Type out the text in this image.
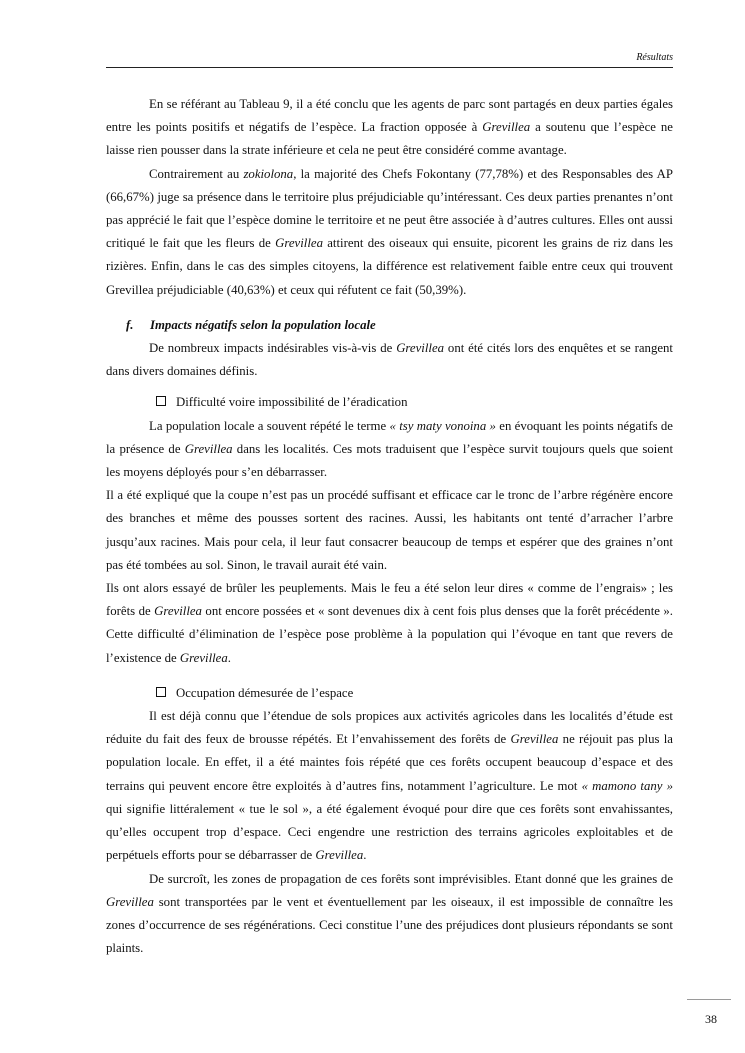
Résultats

En se référant au Tableau 9, il a été conclu que les agents de parc sont partagés en deux parties égales entre les points positifs et négatifs de l’espèce. La fraction opposée à Grevillea a soutenu que l’espèce ne laisse rien pousser dans la strate inférieure et cela ne peut être considéré comme avantage.

Contrairement au zokiolona, la majorité des Chefs Fokontany (77,78%) et des Responsables des AP (66,67%) juge sa présence dans le territoire plus préjudiciable qu’intéressant. Ces deux parties prenantes n’ont pas apprécié le fait que l’espèce domine le territoire et ne peut être associée à d’autres cultures. Elles ont aussi critiqué le fait que les fleurs de Grevillea attirent des oiseaux qui ensuite, picorent les grains de riz dans les rizières. Enfin, dans le cas des simples citoyens, la différence est relativement faible entre ceux qui trouvent Grevillea préjudiciable (40,63%) et ceux qui réfutent ce fait (50,39%).

f. Impacts négatifs selon la population locale

De nombreux impacts indésirables vis-à-vis de Grevillea ont été cités lors des enquêtes et se rangent dans divers domaines définis.

Difficulté voire impossibilité de l’éradication

La population locale a souvent répété le terme « tsy maty vonoina » en évoquant les points négatifs de la présence de Grevillea dans les localités. Ces mots traduisent que l’espèce survit toujours quels que soient les moyens déployés pour s’en débarrasser.

Il a été expliqué que la coupe n’est pas un procédé suffisant et efficace car le tronc de l’arbre régénère encore des branches et même des pousses sortent des racines. Aussi, les habitants ont tenté d’arracher l’arbre jusqu’aux racines. Mais pour cela, il leur faut consacrer beaucoup de temps et espérer que des graines n’ont pas été tombées au sol. Sinon, le travail aurait été vain.

Ils ont alors essayé de brûler les peuplements. Mais le feu a été selon leur dires « comme de l’engrais» ; les forêts de Grevillea ont encore possées et « sont devenues dix à cent fois plus denses que la forêt précédente ». Cette difficulté d’élimination de l’espèce pose problème à la population qui l’évoque en tant que revers de l’existence de Grevillea.

Occupation démesurée de l’espace

Il est déjà connu que l’étendue de sols propices aux activités agricoles dans les localités d’étude est réduite du fait des feux de brousse répétés. Et l’envahissement des forêts de Grevillea ne réjouit pas plus la population locale. En effet, il a été maintes fois répété que ces forêts occupent beaucoup d’espace et des terrains qui peuvent encore être exploités à d’autres fins, notamment l’agriculture. Le mot « mamono tany » qui signifie littéralement « tue le sol », a été également évoqué pour dire que ces forêts sont envahissantes, qu’elles occupent trop d’espace. Ceci engendre une restriction des terrains agricoles exploitables et de perpétuels efforts pour se débarrasser de Grevillea.

De surcroît, les zones de propagation de ces forêts sont imprévisibles. Etant donné que les graines de Grevillea sont transportées par le vent et éventuellement par les oiseaux, il est impossible de connaître les zones d’occurrence de ses régénérations. Ceci constitue l’une des préjudices dont plusieurs répondants se sont plaints.

38
